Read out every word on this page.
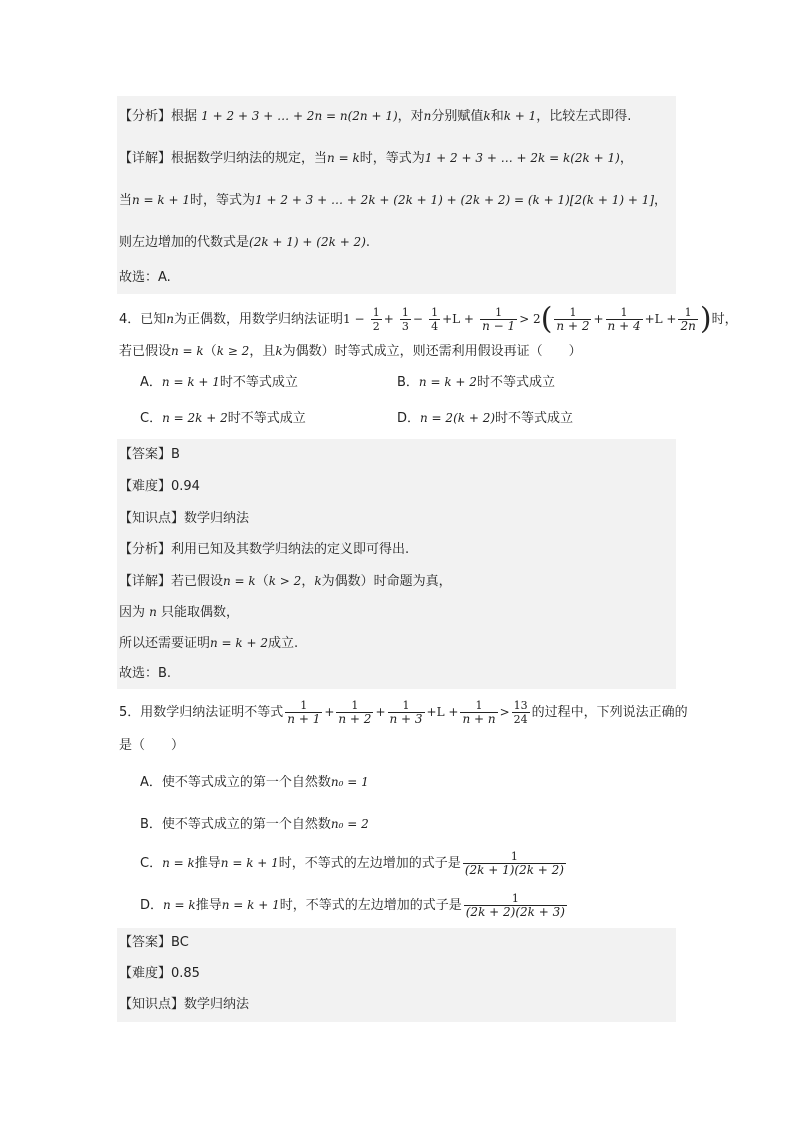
【分析】根据 1 + 2 + 3 + … + 2n = n(2n + 1)，对n分别赋值k和k + 1，比较左式即得.
【详解】根据数学归纳法的规定，当n = k时，等式为1 + 2 + 3 + … + 2k = k(2k + 1)，
当n = k + 1时，等式为1 + 2 + 3 + … + 2k + (2k + 1) + (2k + 2) = (k + 1)[2(k + 1) + 1]，
则左边增加的代数式是(2k + 1) + (2k + 2).
故选：A.
4．已知n为正偶数，用数学归纳法证明$1 - \frac{1}{2} + \frac{1}{3} - \frac{1}{4} +L + \frac{1}{n - 1} > 2( \frac{1}{n + 2} + \frac{1}{n + 4} +L + \frac{1}{2n}$ )时，
若已假设n = k（k ≥ 2，且k为偶数）时等式成立，则还需利用假设再证（　　）
A．n = k + 1时不等式成立	B．n = k + 2时不等式成立
C．n = 2k + 2时不等式成立	D．n = 2(k + 2)时不等式成立
【答案】B
【难度】0.94
【知识点】数学归纳法
【分析】利用已知及其数学归纳法的定义即可得出.
【详解】若已假设n = k（k > 2，k为偶数）时命题为真，
因为 n 只能取偶数，
所以还需要证明n = k + 2成立.
故选：B.
5．用数学归纳法证明不等式 $\frac{1}{n + 1} + \frac{1}{n + 2} + \frac{1}{n + 3} +L + \frac{1}{n + n} > \frac{13}{24}$ 的过程中，下列说法正确的
是（　　）
A．使不等式成立的第一个自然数n₀ = 1
B．使不等式成立的第一个自然数n₀ = 2
C．n = k推导n = k + 1时，不等式的左边增加的式子是 $\frac{1}{(2k + 1)(2k + 2)}$
D．n = k推导n = k + 1时，不等式的左边增加的式子是 $\frac{1}{(2k + 2)(2k + 3)}$
【答案】BC
【难度】0.85
【知识点】数学归纳法
